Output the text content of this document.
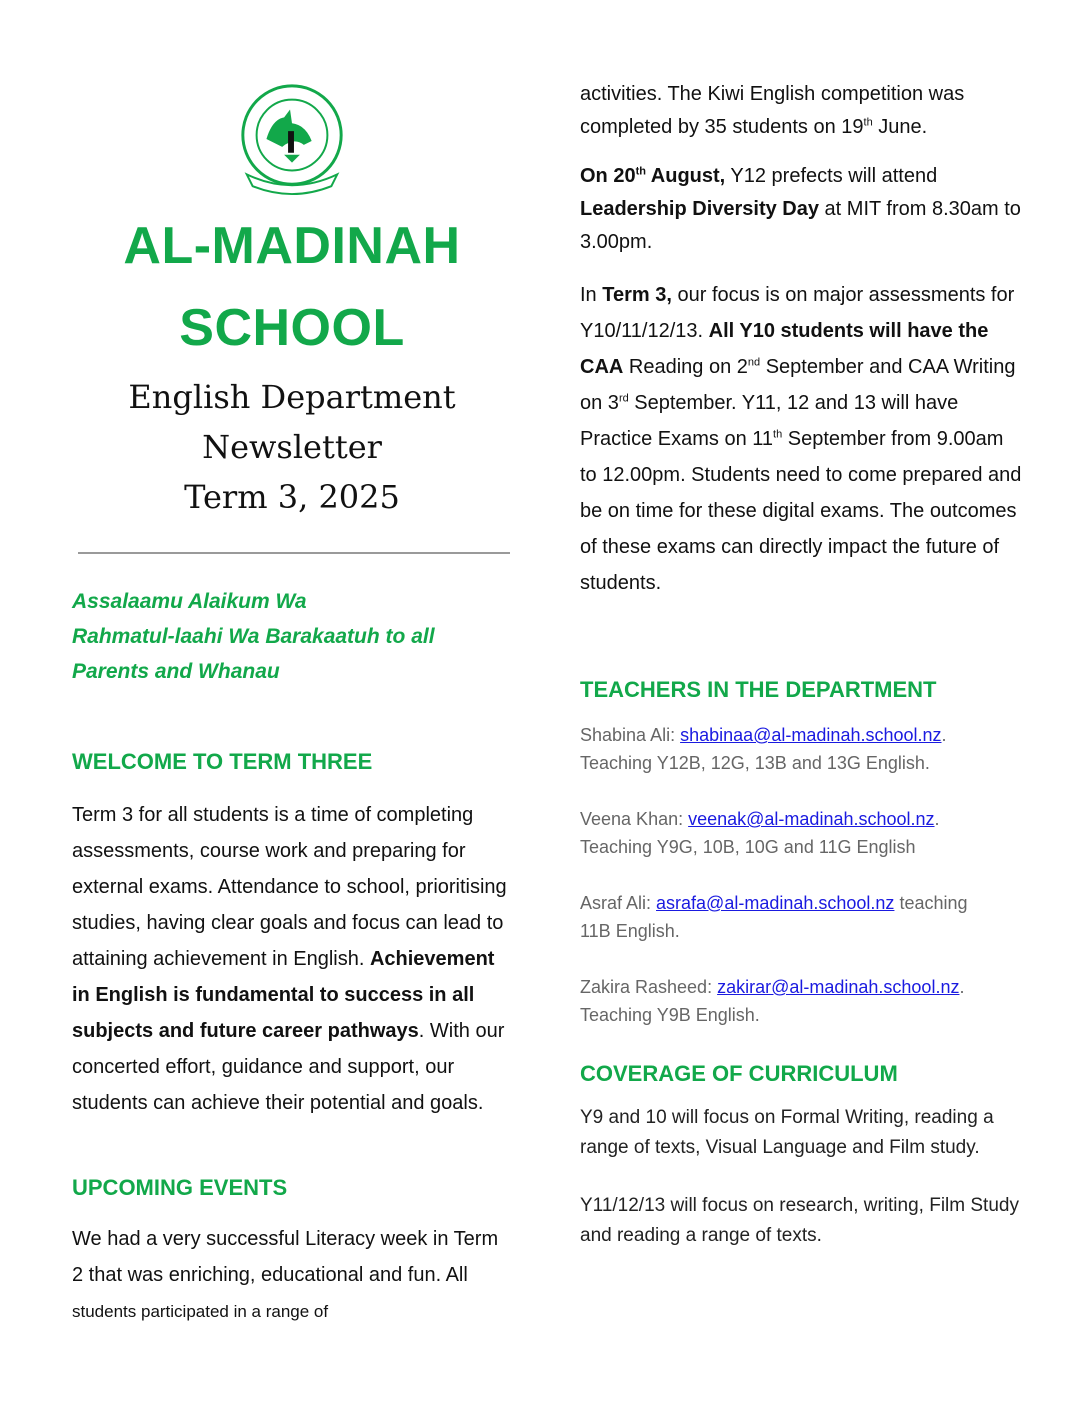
AL-MADINAH
SCHOOL
English Department
Newsletter
Term 3, 2025
Assalaamu Alaikum Wa
Rahmatul-laahi Wa Barakaatuh to all
Parents and Whanau
WELCOME TO TERM THREE

Term 3 for all students is a time of completing assessments, course work and preparing for external exams. Attendance to school, prioritising studies, having clear goals and focus can lead to attaining achievement in English. Achievement in English is fundamental to success in all subjects and future career pathways. With our concerted effort, guidance and support, our students can achieve their potential and goals.

UPCOMING EVENTS

We had a very successful Literacy week in Term 2 that was enriching, educational and fun. All students participated in a range of

activities. The Kiwi English competition was completed by 35 students on 19th June.

On 20th August, Y12 prefects will attend Leadership Diversity Day at MIT from 8.30am to 3.00pm.

In Term 3, our focus is on major assessments for Y10/11/12/13. All Y10 students will have the CAA Reading on 2nd September and CAA Writing on 3rd September. Y11, 12 and 13 will have Practice Exams on 11th September from 9.00am to 12.00pm. Students need to come prepared and be on time for these digital exams. The outcomes of these exams can directly impact the future of students.

TEACHERS IN THE DEPARTMENT

Shabina Ali: shabinaa@al-madinah.school.nz.
Teaching Y12B, 12G, 13B and 13G English.

Veena Khan: veenak@al-madinah.school.nz.
Teaching Y9G, 10B, 10G and 11G English

Asraf Ali: asrafa@al-madinah.school.nz teaching
11B English.

Zakira Rasheed: zakirar@al-madinah.school.nz.
Teaching Y9B English.

COVERAGE OF CURRICULUM

Y9 and 10 will focus on Formal Writing, reading a range of texts, Visual Language and Film study.

Y11/12/13 will focus on research, writing, Film Study and reading a range of texts.
